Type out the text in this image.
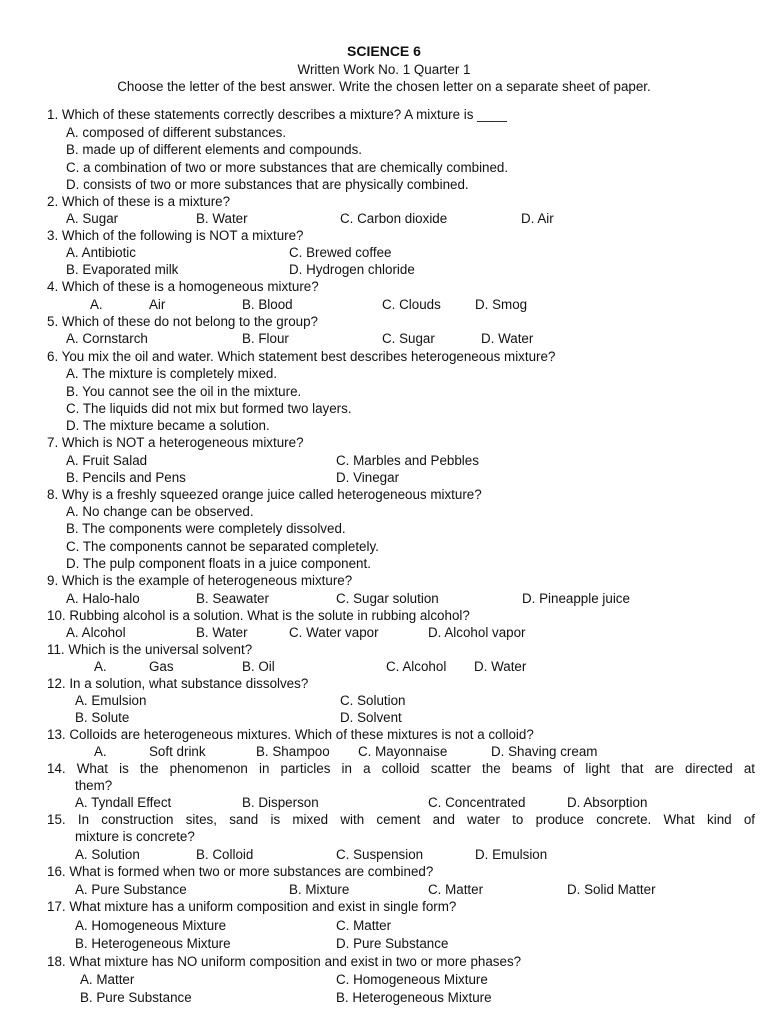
SCIENCE 6
Written Work No. 1 Quarter 1
Choose the letter of the best answer. Write the chosen letter on a separate sheet of paper.
1. Which of these statements correctly describes a mixture? A mixture is ____
A. composed of different substances.
B. made up of different elements and compounds.
C. a combination of two or more substances that are chemically combined.
D. consists of two or more substances that are physically combined.
2. Which of these is a mixture?
A. Sugar	B. Water	C. Carbon dioxide	D. Air
3. Which of the following is NOT a mixture?
A. Antibiotic	C. Brewed coffee
B. Evaporated milk	D. Hydrogen chloride
4. Which of these is a homogeneous mixture?
A.	Air	B. Blood	C. Clouds	D. Smog
5. Which of these do not belong to the group?
A. Cornstarch	B. Flour	C. Sugar	D. Water
6. You mix the oil and water. Which statement best describes heterogeneous mixture?
A. The mixture is completely mixed.
B. You cannot see the oil in the mixture.
C. The liquids did not mix but formed two layers.
D. The mixture became a solution.
7. Which is NOT a heterogeneous mixture?
A. Fruit Salad	C. Marbles and Pebbles
B. Pencils and Pens	D. Vinegar
8. Why is a freshly squeezed orange juice called heterogeneous mixture?
A. No change can be observed.
B. The components were completely dissolved.
C. The components cannot be separated completely.
D. The pulp component floats in a juice component.
9. Which is the example of heterogeneous mixture?
A. Halo-halo	B. Seawater	C. Sugar solution	D. Pineapple juice
10. Rubbing alcohol is a solution. What is the solute in rubbing alcohol?
A. Alcohol	B. Water	C. Water vapor	D. Alcohol vapor
11. Which is the universal solvent?
A.	Gas	B. Oil	C. Alcohol D. Water
12. In a solution, what substance dissolves?
A. Emulsion	C. Solution
B. Solute	D. Solvent
13. Colloids are heterogeneous mixtures. Which of these mixtures is not a colloid?
A.	Soft drink	B. Shampoo C. Mayonnaise	D. Shaving cream
14. What is the phenomenon in particles in a colloid scatter the beams of light that are directed at
them?
A. Tyndall Effect	B. Disperson	C. Concentrated	D. Absorption
15. In construction sites, sand is mixed with cement and water to produce concrete. What kind of
mixture is concrete?
A. Solution	B. Colloid	C. Suspension	D. Emulsion
16. What is formed when two or more substances are combined?
A. Pure Substance	B. Mixture	C. Matter	D. Solid Matter
17. What mixture has a uniform composition and exist in single form?
A. Homogeneous Mixture	C. Matter
B. Heterogeneous Mixture	D. Pure Substance
18. What mixture has NO uniform composition and exist in two or more phases?
A. Matter	C. Homogeneous Mixture
B. Pure Substance	B. Heterogeneous Mixture
